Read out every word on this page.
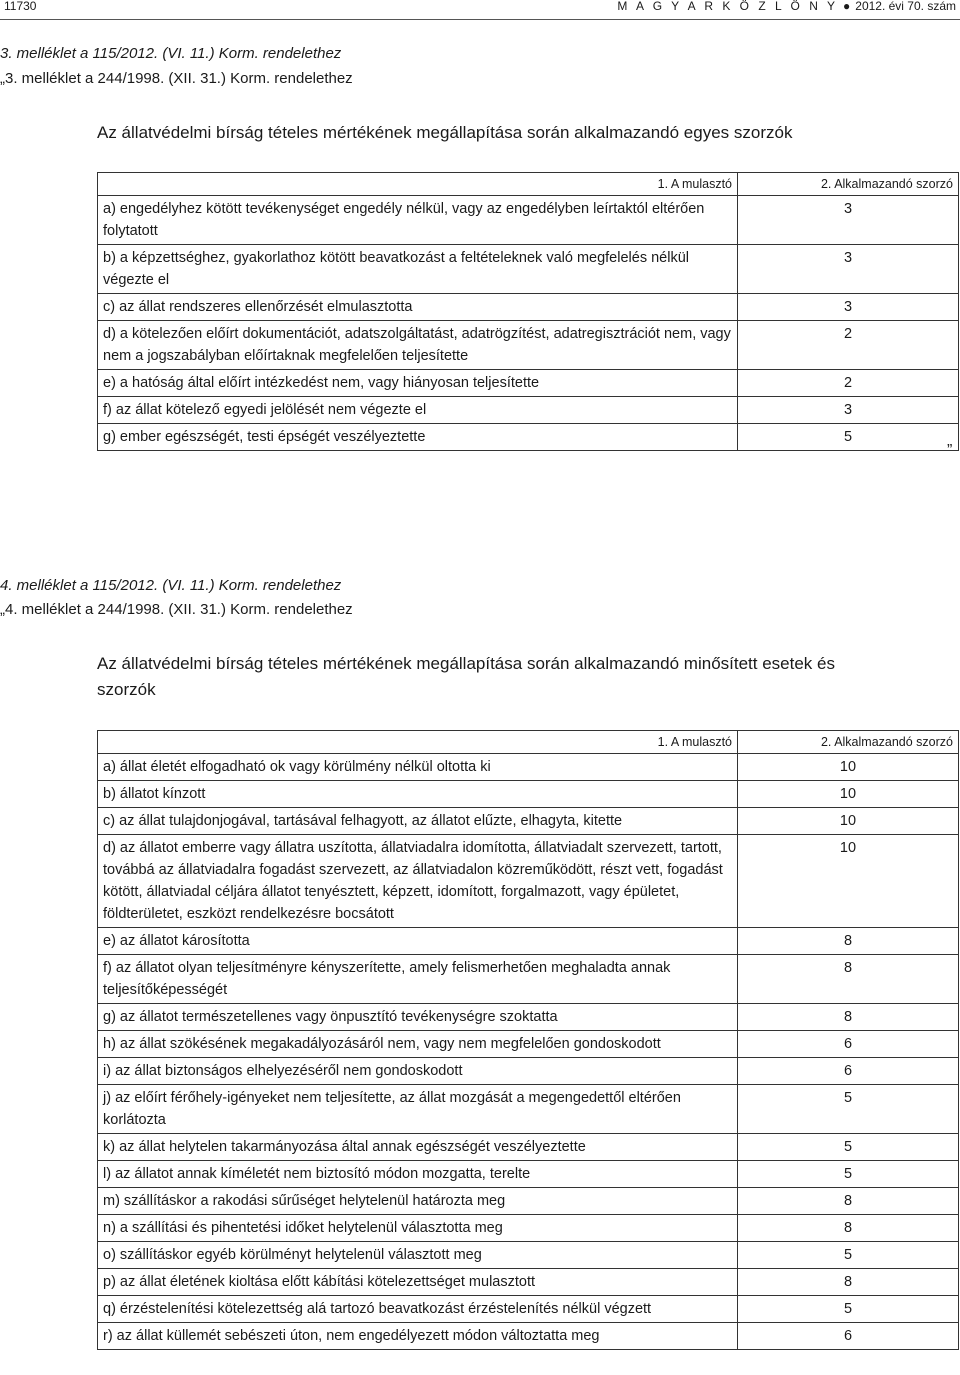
11730	M A G Y A R K Ö Z L Ö N Y ● 2012. évi 70. szám
3. melléklet a 115/2012. (VI. 11.) Korm. rendelethez
„3. melléklet a 244/1998. (XII. 31.) Korm. rendelethez
Az állatvédelmi bírság tételes mértékének megállapítása során alkalmazandó egyes szorzók
1. A mulasztó	2. Alkalmazandó szorzó
a) engedélyhez kötött tevékenységet engedély nélkül, vagy az engedélyben leírtaktól eltérően folytatott	3
b) a képzettséghez, gyakorlathoz kötött beavatkozást a feltételeknek való megfelelés nélkül végezte el	3
c) az állat rendszeres ellenőrzését elmulasztotta	3
d) a kötelezően előírt dokumentációt, adatszolgáltatást, adatrögzítést, adatregisztrációt nem, vagy nem a jogszabályban előírtaknak megfelelően teljesítette	2
e) a hatóság által előírt intézkedést nem, vagy hiányosan teljesítette	2
f) az állat kötelező egyedi jelölését nem végezte el	3
g) ember egészségét, testi épségét veszélyeztette	5
”
4. melléklet a 115/2012. (VI. 11.) Korm. rendelethez
„4. melléklet a 244/1998. (XII. 31.) Korm. rendelethez
Az állatvédelmi bírság tételes mértékének megállapítása során alkalmazandó minősített esetek és szorzók
1. A mulasztó	2. Alkalmazandó szorzó
a) állat életét elfogadható ok vagy körülmény nélkül oltotta ki	10
b) állatot kínzott	10
c) az állat tulajdonjogával, tartásával felhagyott, az állatot elűzte, elhagyta, kitette	10
d) az állatot emberre vagy állatra uszította, állatviadalra idomította, állatviadalt szervezett, tartott, továbbá az állatviadalra fogadást szervezett, az állatviadalon közreműködött, részt vett, fogadást kötött, állatviadal céljára állatot tenyésztett, képzett, idomított, forgalmazott, vagy épületet, földterületet, eszközt rendelkezésre bocsátott	10
e) az állatot károsította	8
f) az állatot olyan teljesítményre kényszerítette, amely felismerhetően meghaladta annak teljesítőképességét	8
g) az állatot természetellenes vagy önpusztító tevékenységre szoktatta	8
h) az állat szökésének megakadályozásáról nem, vagy nem megfelelően gondoskodott	6
i) az állat biztonságos elhelyezéséről nem gondoskodott	6
j) az előírt férőhely-igényeket nem teljesítette, az állat mozgását a megengedettől eltérően korlátozta	5
k) az állat helytelen takarmányozása által annak egészségét veszélyeztette	5
l) az állatot annak kíméletét nem biztosító módon mozgatta, terelte	5
m) szállításkor a rakodási sűrűséget helytelenül határozta meg	8
n) a szállítási és pihentetési időket helytelenül választotta meg	8
o) szállításkor egyéb körülményt helytelenül választott meg	5
p) az állat életének kioltása előtt kábítási kötelezettséget mulasztott	8
q) érzéstelenítési kötelezettség alá tartozó beavatkozást érzéstelenítés nélkül végzett	5
r) az állat küllemét sebészeti úton, nem engedélyezett módon változtatta meg	6
